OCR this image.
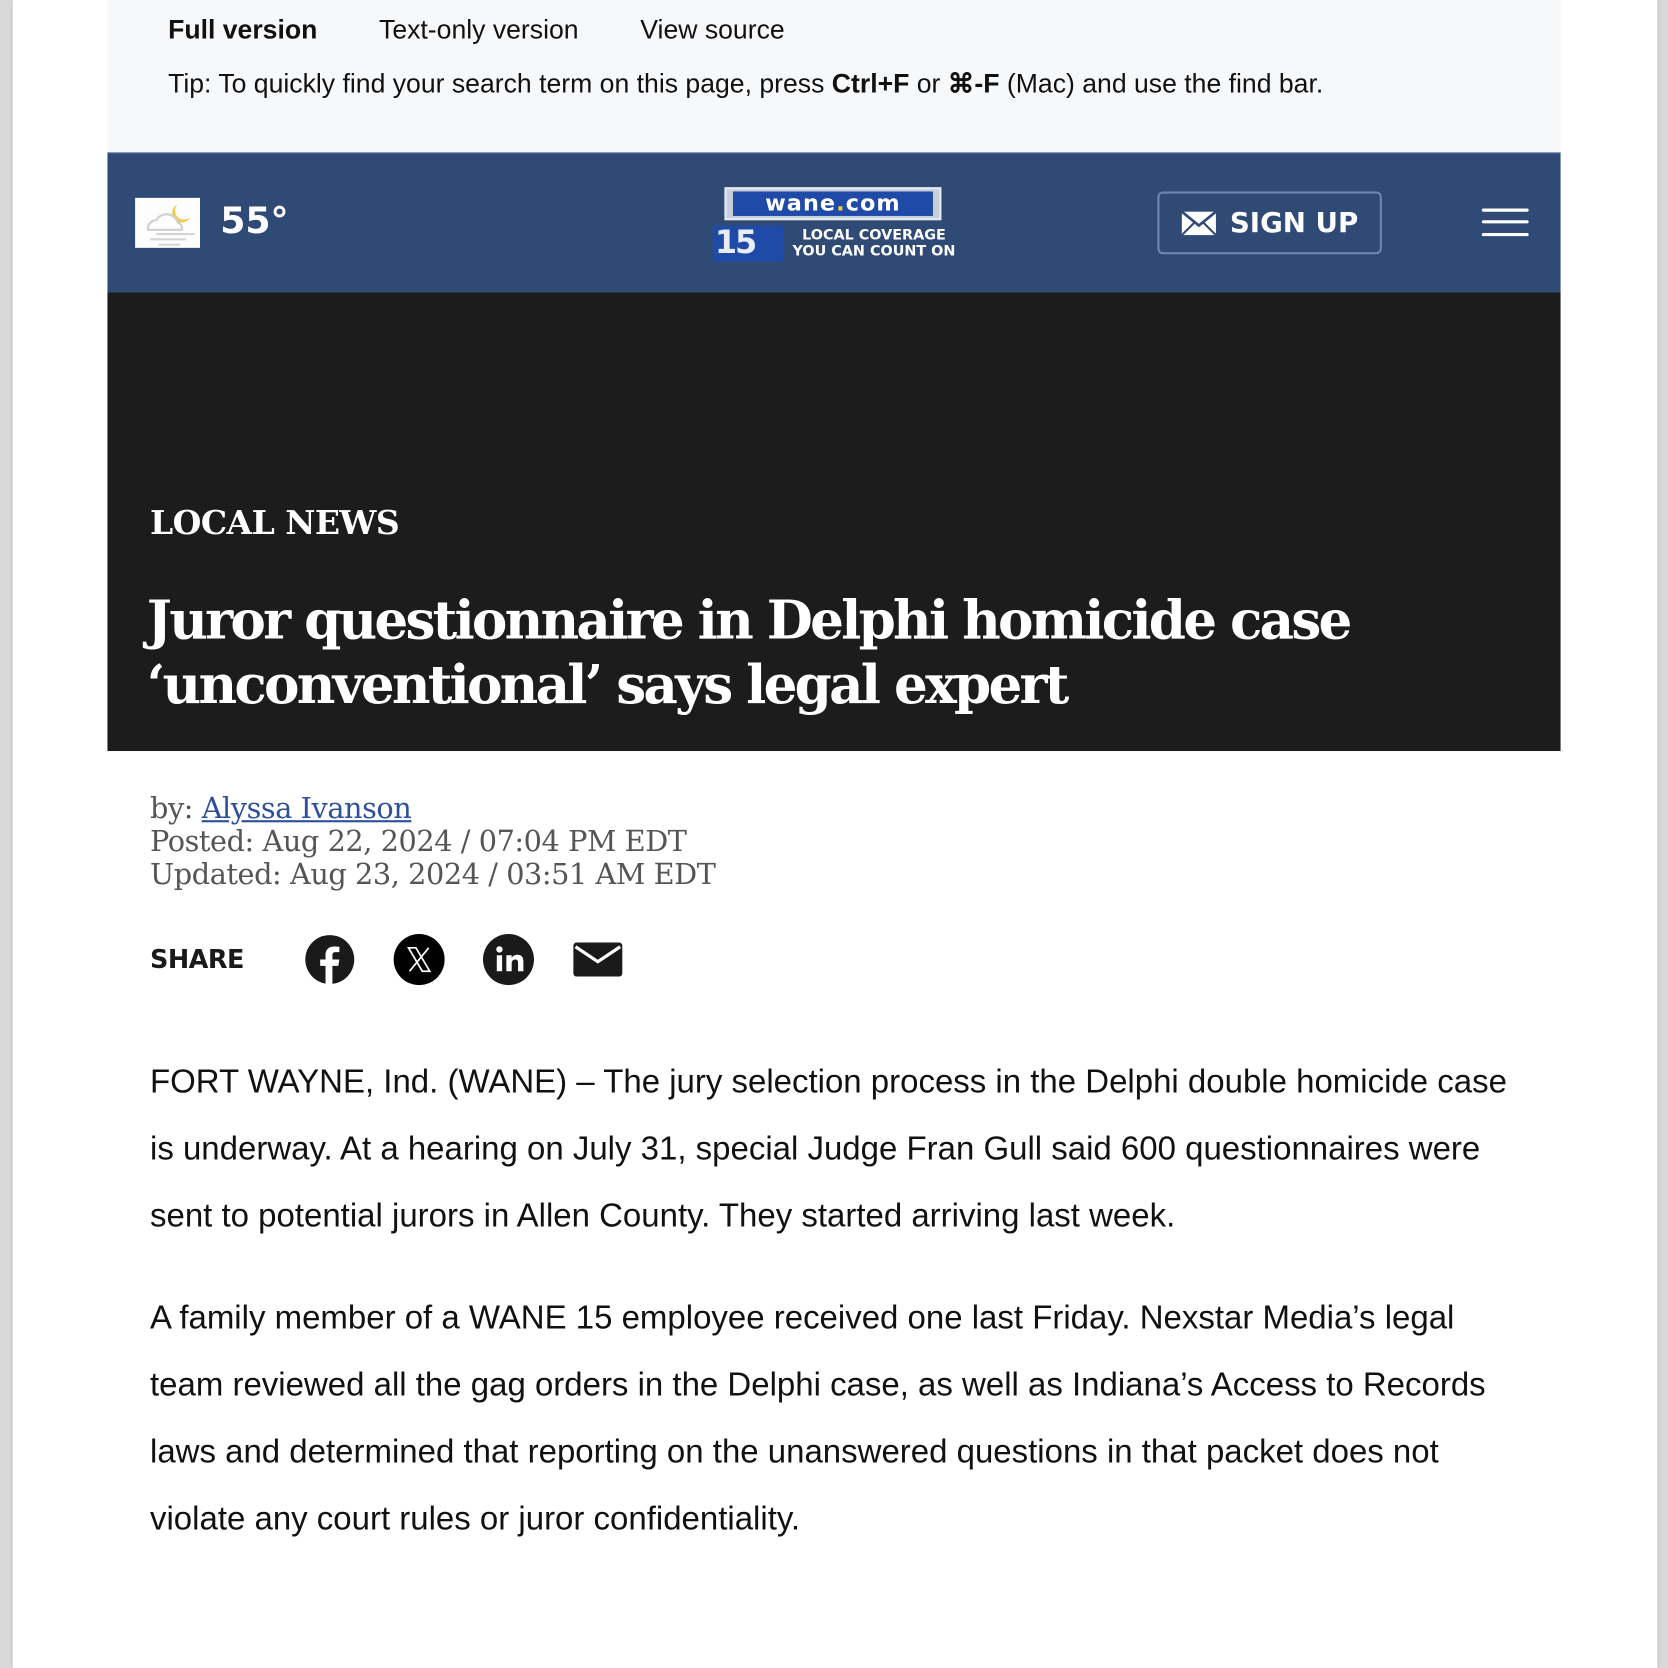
Full version Text-only version View source
Tip: To quickly find your search term on this page, press Ctrl+F or ⌘-F (Mac) and use the find bar.
55°	wane.com
15	LOCAL COVERAGE
YOU CAN COUNT ON
SIGN UP
LOCAL NEWS
Juror questionnaire in Delphi homicide case ‘unconventional’ says legal expert
by: Alyssa Ivanson
Posted: Aug 22, 2024 / 07:04 PM EDT
Updated: Aug 23, 2024 / 03:51 AM EDT
SHARE

FORT WAYNE, Ind. (WANE) – The jury selection process in the Delphi double homicide case is underway. At a hearing on July 31, special Judge Fran Gull said 600 questionnaires were sent to potential jurors in Allen County. They started arriving last week.

A family member of a WANE 15 employee received one last Friday. Nexstar Media’s legal team reviewed all the gag orders in the Delphi case, as well as Indiana’s Access to Records laws and determined that reporting on the unanswered questions in that packet does not violate any court rules or juror confidentiality.
